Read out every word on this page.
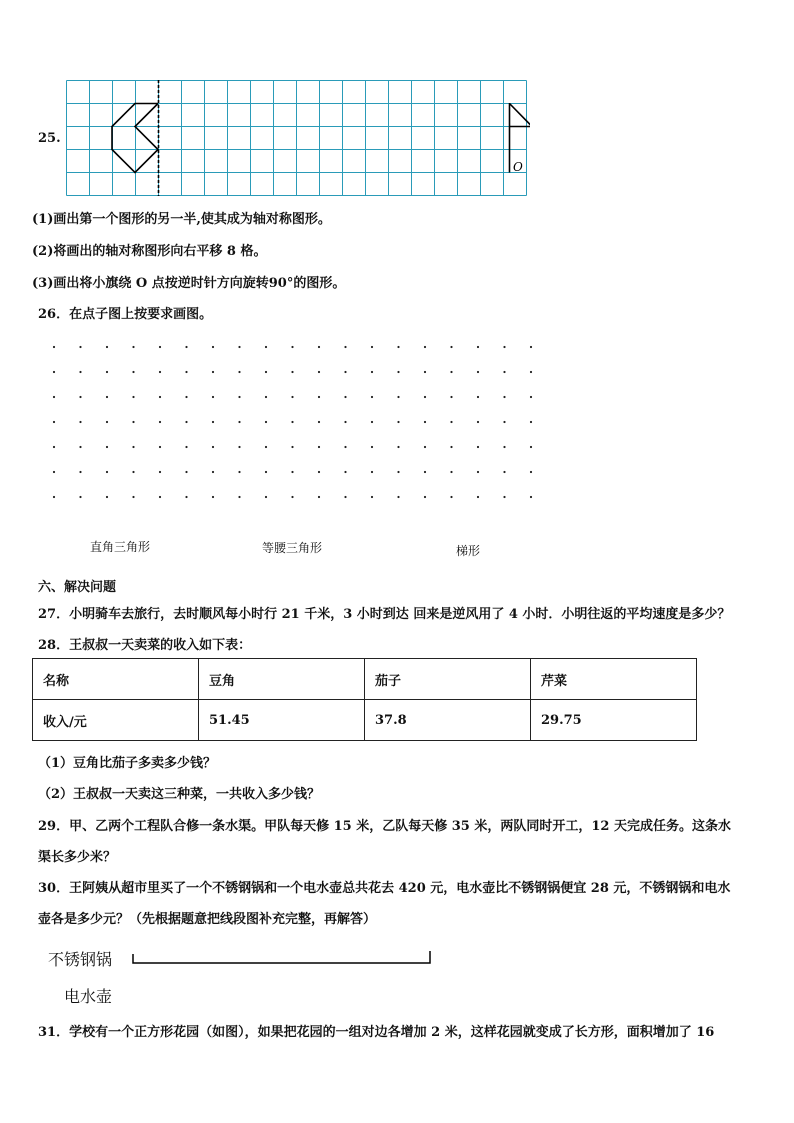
25.
O
(1)画出第一个图形的另一半,使其成为轴对称图形。
(2)将画出的轴对称图形向右平移 8 格。
(3)画出将小旗绕 O 点按逆时针方向旋转90°的图形。
26．在点子图上按要求画图。
直角三角形	等腰三角形	梯形
六、解决问题
27．小明骑车去旅行，去时顺风每小时行 21 千米，3 小时到达 回来是逆风用了 4 小时．小明往返的平均速度是多少？
28．王叔叔一天卖菜的收入如下表：
名称	豆角	茄子	芹菜
收入/元	51.45	37.8	29.75
（1）豆角比茄子多卖多少钱？
（2）王叔叔一天卖这三种菜，一共收入多少钱？
29．甲、乙两个工程队合修一条水渠。甲队每天修 15 米，乙队每天修 35 米，两队同时开工，12 天完成任务。这条水
渠长多少米？
30．王阿姨从超市里买了一个不锈钢锅和一个电水壶总共花去 420 元，电水壶比不锈钢锅便宜 28 元，不锈钢锅和电水
壶各是多少元？（先根据题意把线段图补充完整，再解答）
不锈钢锅
电水壶
31．学校有一个正方形花园（如图），如果把花园的一组对边各增加 2 米，这样花园就变成了长方形，面积增加了 16
